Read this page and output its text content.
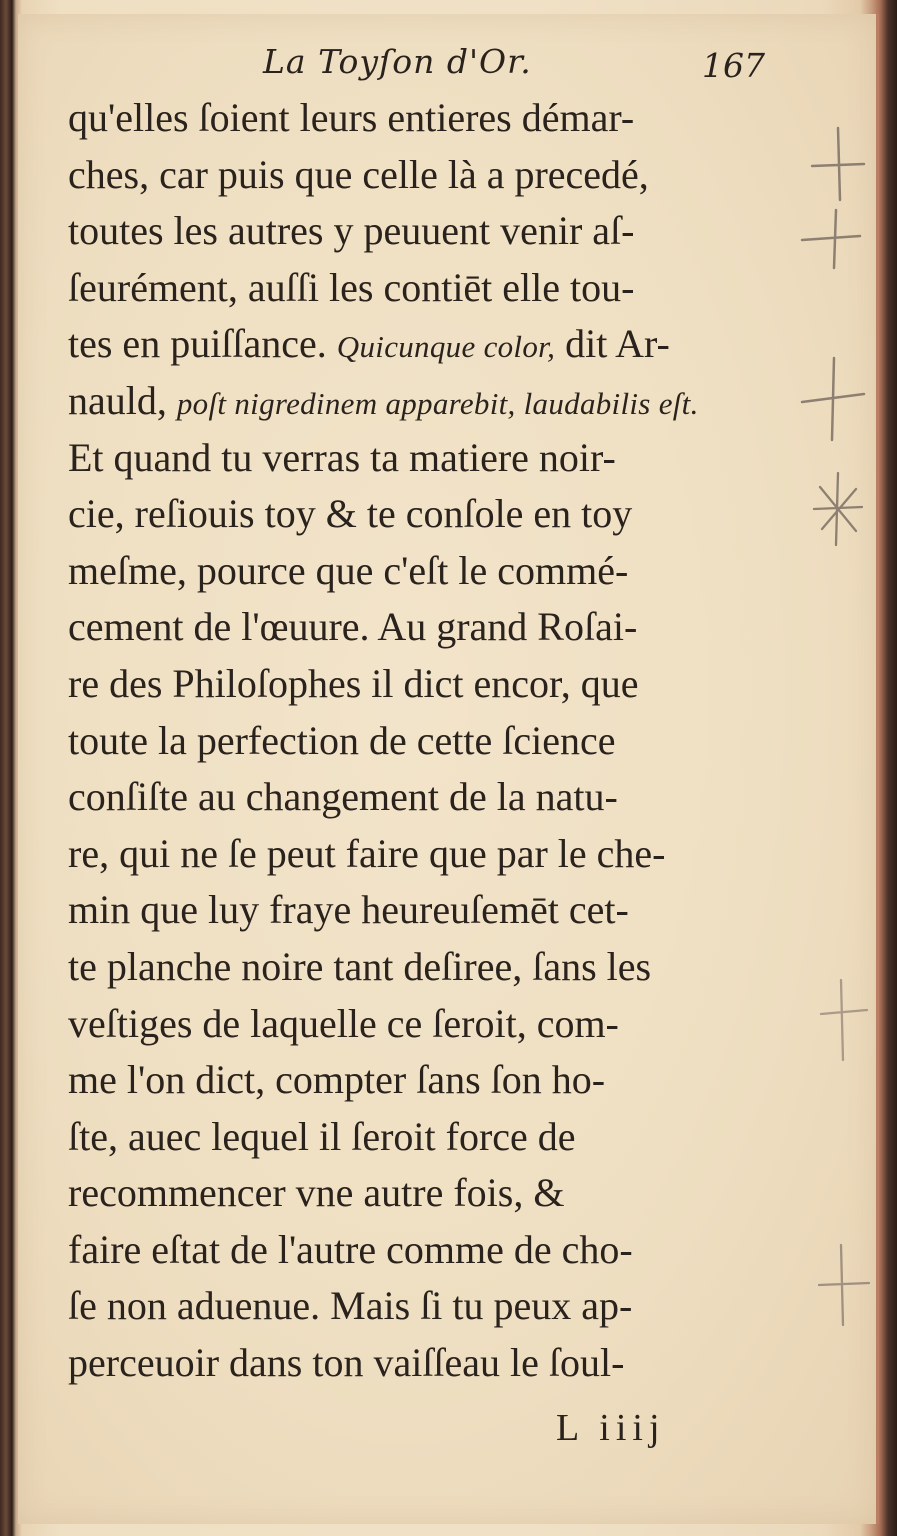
La Toyſon d'Or.	167
qu'elles ſoient leurs entieres démar-
ches, car puis que celle là a precedé,
toutes les autres y peuuent venir aſ-
ſeurément, auſſi les contiēt elle tou-
tes en puiſſance. Quicunque color, dit Ar-
nauld, poſt nigredinem apparebit, laudabilis eſt.
Et quand tu verras ta matiere noir-
cie, reſiouis toy & te conſole en toy
meſme, pource que c'eſt le commé-
cement de l'œuure. Au grand Roſai-
re des Philoſophes il dict encor, que
toute la perfection de cette ſcience
conſiſte au changement de la natu-
re, qui ne ſe peut faire que par le che-
min que luy fraye heureuſemēt cet-
te planche noire tant deſiree, ſans les
veſtiges de laquelle ce ſeroit, com-
me l'on dict, compter ſans ſon ho-
ſte, auec lequel il ſeroit force de
recommencer vne autre fois, &
faire eſtat de l'autre comme de cho-
ſe non aduenue. Mais ſi tu peux ap-
perceuoir dans ton vaiſſeau le ſoul-
L iiij
